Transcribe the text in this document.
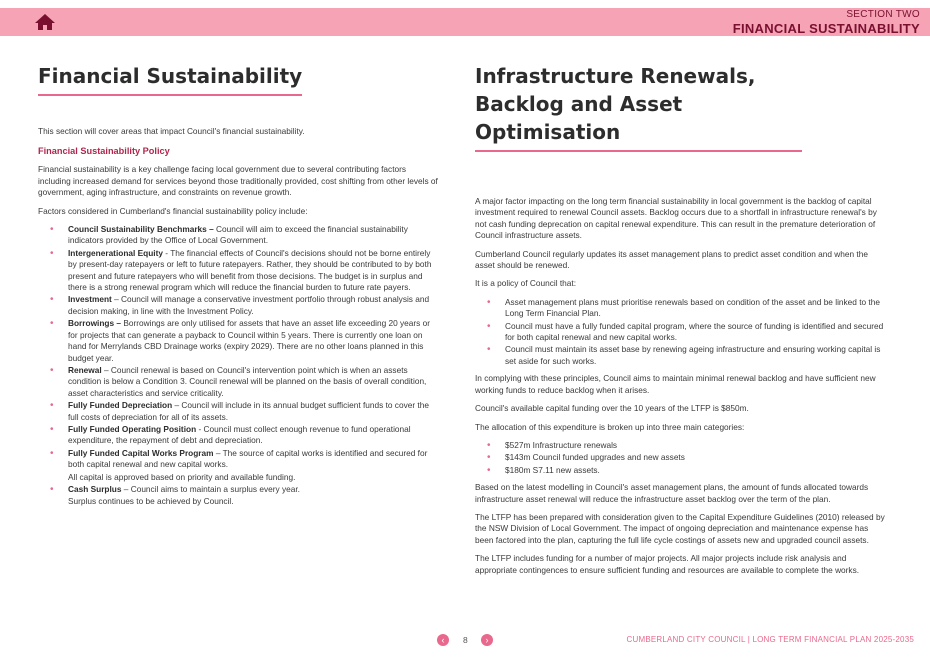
SECTION TWO
FINANCIAL SUSTAINABILITY
Financial Sustainability

This section will cover areas that impact Council's financial sustainability.

Financial Sustainability Policy

Financial sustainability is a key challenge facing local government due to several contributing factors including increased demand for services beyond those traditionally provided, cost shifting from other levels of government, aging infrastructure, and constraints on revenue growth.

Factors considered in Cumberland's financial sustainability policy include:

• Council Sustainability Benchmarks – Council will aim to exceed the financial sustainability indicators provided by the Office of Local Government.
• Intergenerational Equity - The financial effects of Council's decisions should not be borne entirely by present-day ratepayers or left to future ratepayers. Rather, they should be contributed to by both present and future ratepayers who will benefit from those decisions. The budget is in surplus and there is a strong renewal program which will reduce the financial burden to future rate payers.
• Investment – Council will manage a conservative investment portfolio through robust analysis and decision making, in line with the Investment Policy.
• Borrowings – Borrowings are only utilised for assets that have an asset life exceeding 20 years or for projects that can generate a payback to Council within 5 years. There is currently one loan on hand for Merrylands CBD Drainage works (expiry 2029). There are no other loans planned in this budget year.
• Renewal – Council renewal is based on Council's intervention point which is when an assets condition is below a Condition 3. Council renewal will be planned on the basis of overall condition, asset characteristics and service criticality.
• Fully Funded Depreciation – Council will include in its annual budget sufficient funds to cover the full costs of depreciation for all of its assets.
• Fully Funded Operating Position - Council must collect enough revenue to fund operational expenditure, the repayment of debt and depreciation.
• Fully Funded Capital Works Program – The source of capital works is identified and secured for both capital renewal and new capital works.
All capital is approved based on priority and available funding.
• Cash Surplus – Council aims to maintain a surplus every year.
Surplus continues to be achieved by Council.
Infrastructure Renewals, Backlog and Asset Optimisation

A major factor impacting on the long term financial sustainability in local government is the backlog of capital investment required to renewal Council assets. Backlog occurs due to a shortfall in infrastructure renewal's by not cash funding deprecation on capital renewal expenditure. This can result in the premature deterioration of Council infrastructure assets.

Cumberland Council regularly updates its asset management plans to predict asset condition and when the asset should be renewed.

It is a policy of Council that:

• Asset management plans must prioritise renewals based on condition of the asset and be linked to the Long Term Financial Plan.
• Council must have a fully funded capital program, where the source of funding is identified and secured for both capital renewal and new capital works.
• Council must maintain its asset base by renewing ageing infrastructure and ensuring working capital is set aside for such works.

In complying with these principles, Council aims to maintain minimal renewal backlog and have sufficient new working funds to reduce backlog when it arises.

Council's available capital funding over the 10 years of the LTFP is $850m.

The allocation of this expenditure is broken up into three main categories:

• $527m Infrastructure renewals
• $143m Council funded upgrades and new assets
• $180m S7.11 new assets.

Based on the latest modelling in Council's asset management plans, the amount of funds allocated towards infrastructure asset renewal will reduce the infrastructure asset backlog over the term of the plan.

The LTFP has been prepared with consideration given to the Capital Expenditure Guidelines (2010) released by the NSW Division of Local Government. The impact of ongoing depreciation and maintenance expense has been factored into the plan, capturing the full life cycle costings of assets new and upgraded council assets.

The LTFP includes funding for a number of major projects. All major projects include risk analysis and appropriate contingences to ensure sufficient funding and resources are available to complete the works.

‹	8	›	CUMBERLAND CITY COUNCIL | LONG TERM FINANCIAL PLAN 2025-2035
